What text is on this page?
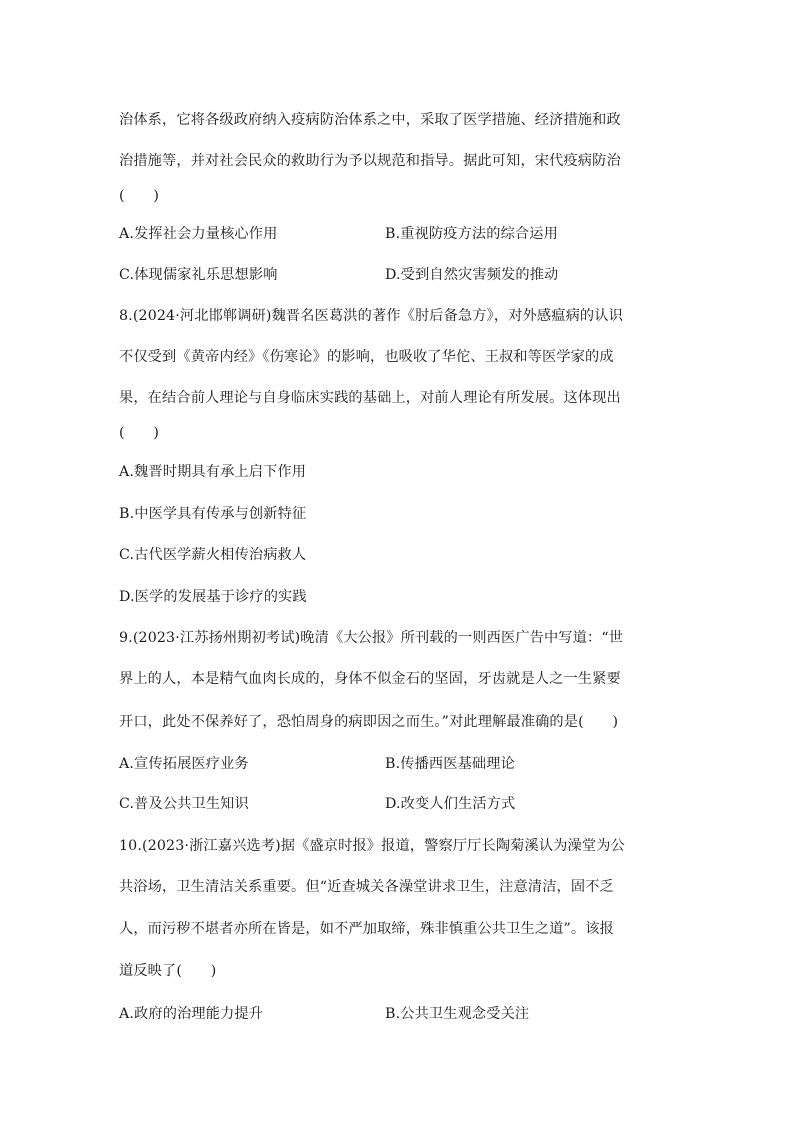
治体系，它将各级政府纳入疫病防治体系之中，采取了医学措施、经济措施和政
治措施等，并对社会民众的救助行为予以规范和指导。据此可知，宋代疫病防治
(　　)
A.发挥社会力量核心作用	B.重视防疫方法的综合运用
C.体现儒家礼乐思想影响	D.受到自然灾害频发的推动
8.(2024·河北邯郸调研)魏晋名医葛洪的著作《肘后备急方》，对外感瘟病的认识
不仅受到《黄帝内经》《伤寒论》的影响，也吸收了华佗、王叔和等医学家的成
果，在结合前人理论与自身临床实践的基础上，对前人理论有所发展。这体现出
(　　)
A.魏晋时期具有承上启下作用
B.中医学具有传承与创新特征
C.古代医学薪火相传治病救人
D.医学的发展基于诊疗的实践
9.(2023·江苏扬州期初考试)晚清《大公报》所刊载的一则西医广告中写道：“世
界上的人，本是精气血肉长成的，身体不似金石的坚固，牙齿就是人之一生紧要
开口，此处不保养好了，恐怕周身的病即因之而生。”对此理解最准确的是(　　)
A.宣传拓展医疗业务	B.传播西医基础理论
C.普及公共卫生知识	D.改变人们生活方式
10.(2023·浙江嘉兴选考)据《盛京时报》报道，警察厅厅长陶菊溪认为澡堂为公
共浴场，卫生清洁关系重要。但“近查城关各澡堂讲求卫生，注意清洁，固不乏
人，而污秽不堪者亦所在皆是，如不严加取缔，殊非慎重公共卫生之道”。该报
道反映了(　　)
A.政府的治理能力提升	B.公共卫生观念受关注
